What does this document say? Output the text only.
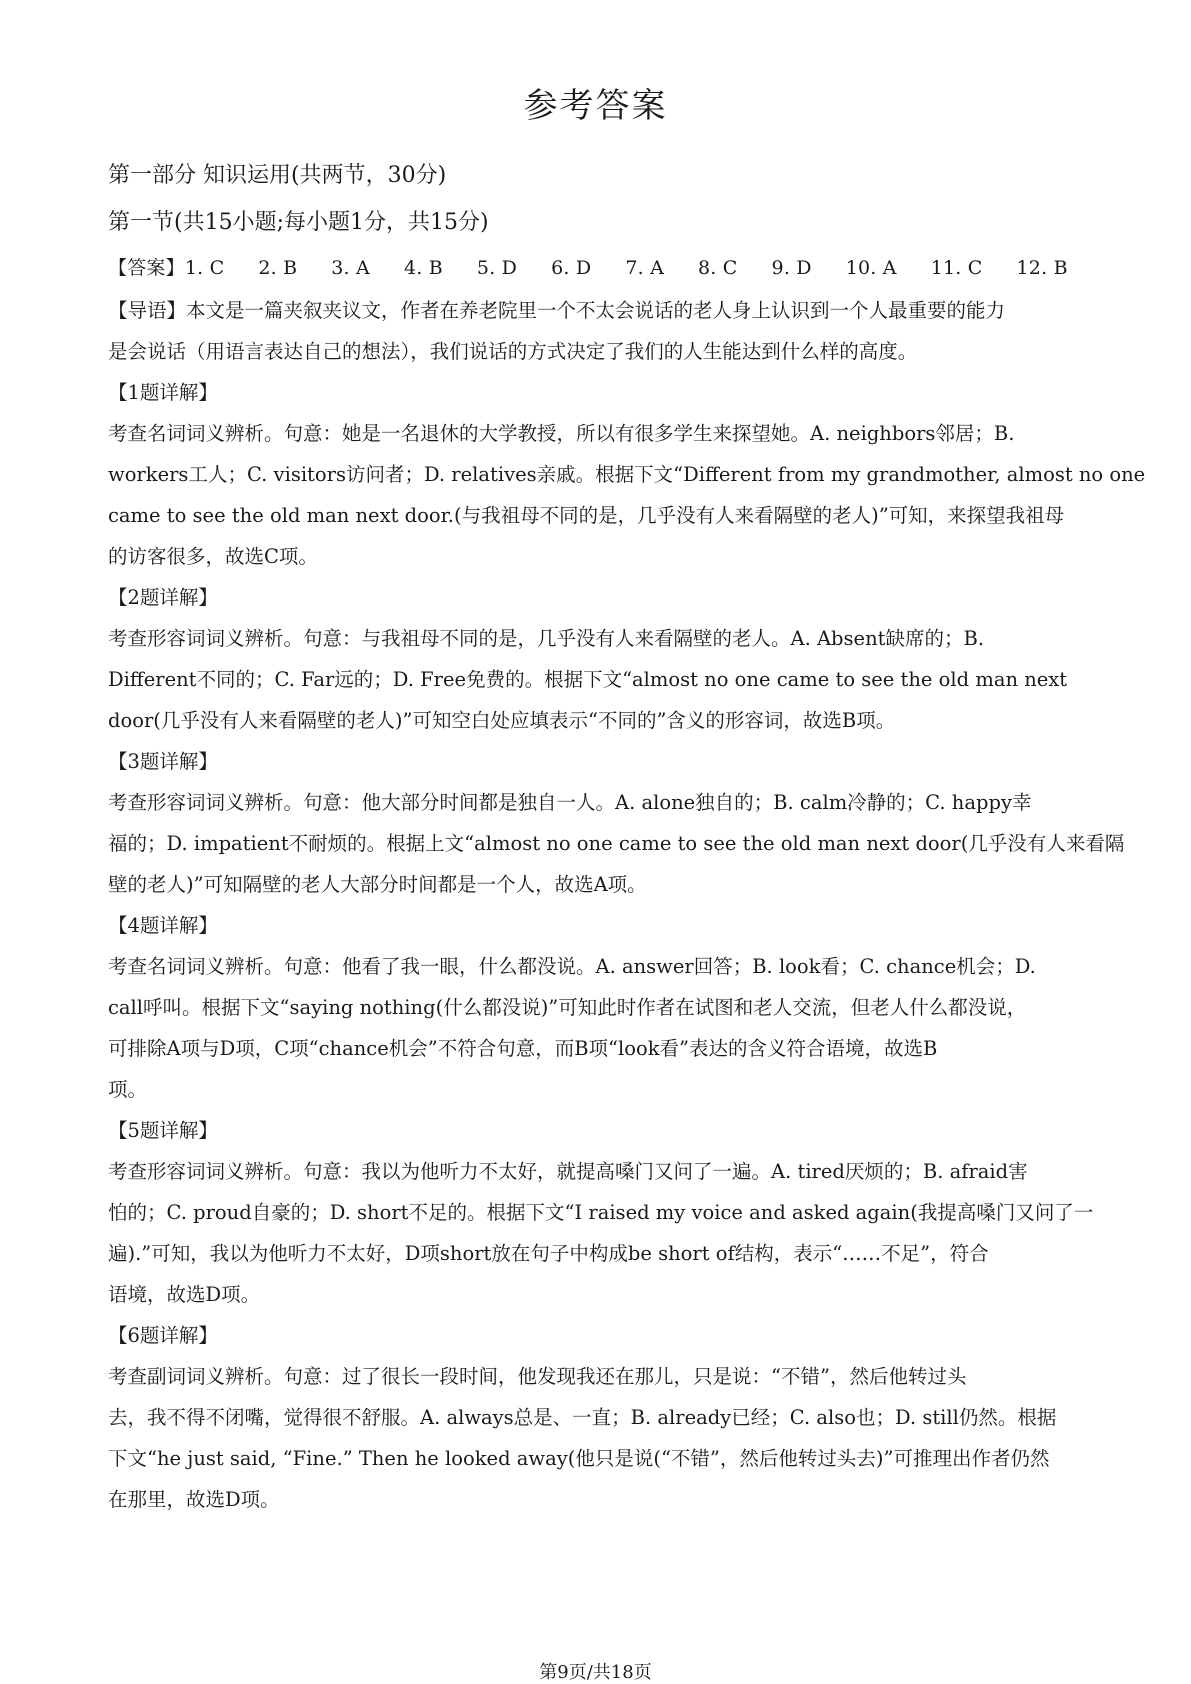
参考答案
第一部分 知识运用(共两节，30分)
第一节(共15小题;每小题1分，共15分)
【导语】本文是一篇夹叙夹议文，作者在养老院里一个不太会说话的老人身上认识到一个人最重要的能力
是会说话（用语言表达自己的想法），我们说话的方式决定了我们的人生能达到什么样的高度。
【1题详解】
考查名词词义辨析。句意：她是一名退休的大学教授，所以有很多学生来探望她。A. neighbors邻居；B.
workers工人；C. visitors访问者；D. relatives亲戚。根据下文“Different from my grandmother, almost no one
came to see the old man next door.(与我祖母不同的是，几乎没有人来看隔壁的老人)”可知，来探望我祖母
的访客很多，故选C项。
【2题详解】
考查形容词词义辨析。句意：与我祖母不同的是，几乎没有人来看隔壁的老人。A. Absent缺席的；B.
Different不同的；C. Far远的；D. Free免费的。根据下文“almost no one came to see the old man next
door(几乎没有人来看隔壁的老人)”可知空白处应填表示“不同的”含义的形容词，故选B项。
【3题详解】
考查形容词词义辨析。句意：他大部分时间都是独自一人。A. alone独自的；B. calm冷静的；C. happy幸
福的；D. impatient不耐烦的。根据上文“almost no one came to see the old man next door(几乎没有人来看隔
壁的老人)”可知隔壁的老人大部分时间都是一个人，故选A项。
【4题详解】
考查名词词义辨析。句意：他看了我一眼，什么都没说。A. answer回答；B. look看；C. chance机会；D.
call呼叫。根据下文“saying nothing(什么都没说)”可知此时作者在试图和老人交流，但老人什么都没说，
可排除A项与D项，C项“chance机会”不符合句意，而B项“look看”表达的含义符合语境，故选B
项。
【5题详解】
考查形容词词义辨析。句意：我以为他听力不太好，就提高嗓门又问了一遍。A. tired厌烦的；B. afraid害
怕的；C. proud自豪的；D. short不足的。根据下文“I raised my voice and asked again(我提高嗓门又问了一
遍).”可知，我以为他听力不太好，D项short放在句子中构成be short of结构，表示“……不足”，符合
语境，故选D项。
【6题详解】
考查副词词义辨析。句意：过了很长一段时间，他发现我还在那儿，只是说：“不错”，然后他转过头
去，我不得不闭嘴，觉得很不舒服。A. always总是、一直；B. already已经；C. also也；D. still仍然。根据
下文“he just said, “Fine.” Then he looked away(他只是说(“不错”，然后他转过头去)”可推理出作者仍然
在那里，故选D项。
【答案】1. C 2. B 3. A 4. B 5. D 6. D 7. A 8. C 9. D 10. A 11. C 12. B
第9页/共18页
